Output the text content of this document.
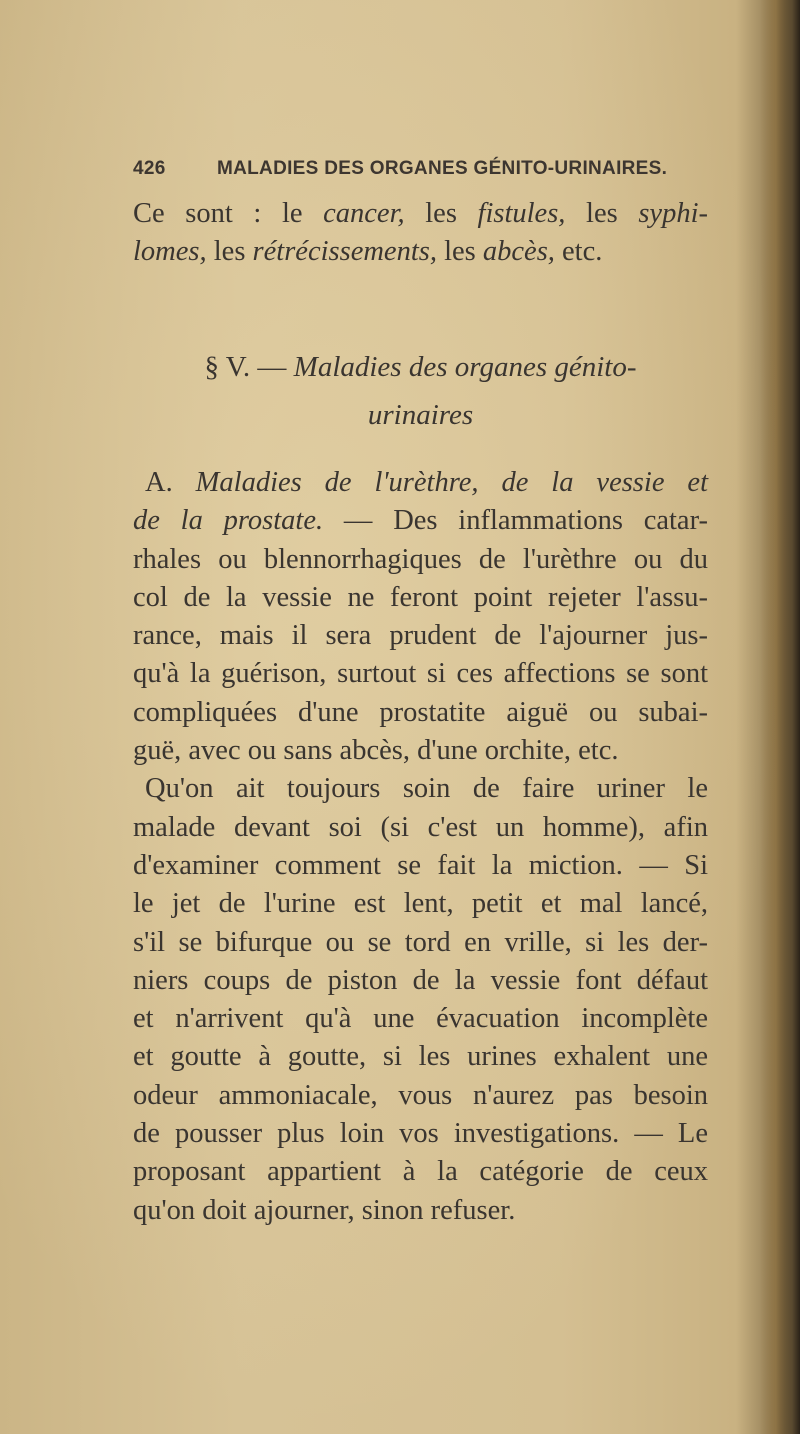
426	MALADIES DES ORGANES GÉNITO-URINAIRES.
Ce sont : le cancer, les fistules, les syphi-
lomes, les rétrécissements, les abcès, etc.
§ V. — Maladies des organes génito-
urinaires
A. Maladies de l'urèthre, de la vessie et
de la prostate. — Des inflammations catar-
rhales ou blennorrhagiques de l'urèthre ou du
col de la vessie ne feront point rejeter l'assu-
rance, mais il sera prudent de l'ajourner jus-
qu'à la guérison, surtout si ces affections se sont
compliquées d'une prostatite aiguë ou subai-
guë, avec ou sans abcès, d'une orchite, etc.
Qu'on ait toujours soin de faire uriner le
malade devant soi (si c'est un homme), afin
d'examiner comment se fait la miction. — Si
le jet de l'urine est lent, petit et mal lancé,
s'il se bifurque ou se tord en vrille, si les der-
niers coups de piston de la vessie font défaut
et n'arrivent qu'à une évacuation incomplète
et goutte à goutte, si les urines exhalent une
odeur ammoniacale, vous n'aurez pas besoin
de pousser plus loin vos investigations. — Le
proposant appartient à la catégorie de ceux
qu'on doit ajourner, sinon refuser.
